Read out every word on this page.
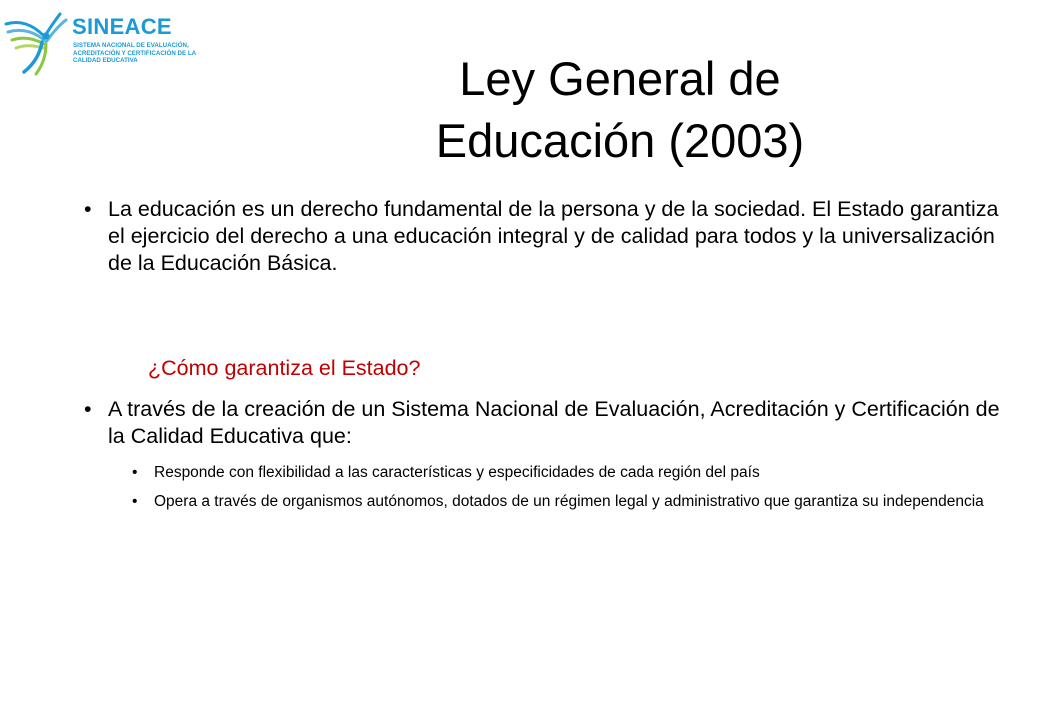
SINEACE
SISTEMA NACIONAL DE EVALUACIÓN, ACREDITACIÓN Y CERTIFICACIÓN DE LA CALIDAD EDUCATIVA	Ley General de Educación (2003)
• La educación es un derecho fundamental de la persona y de la sociedad. El Estado garantiza el ejercicio del derecho a una educación integral y de calidad para todos y la universalización de la Educación Básica.
¿Cómo garantiza el Estado?
• A través de la creación de un Sistema Nacional de Evaluación, Acreditación y Certificación de la Calidad Educativa que:
• Responde con flexibilidad a las características y especificidades de cada región del país
• Opera a través de organismos autónomos, dotados de un régimen legal y administrativo que garantiza su independencia
